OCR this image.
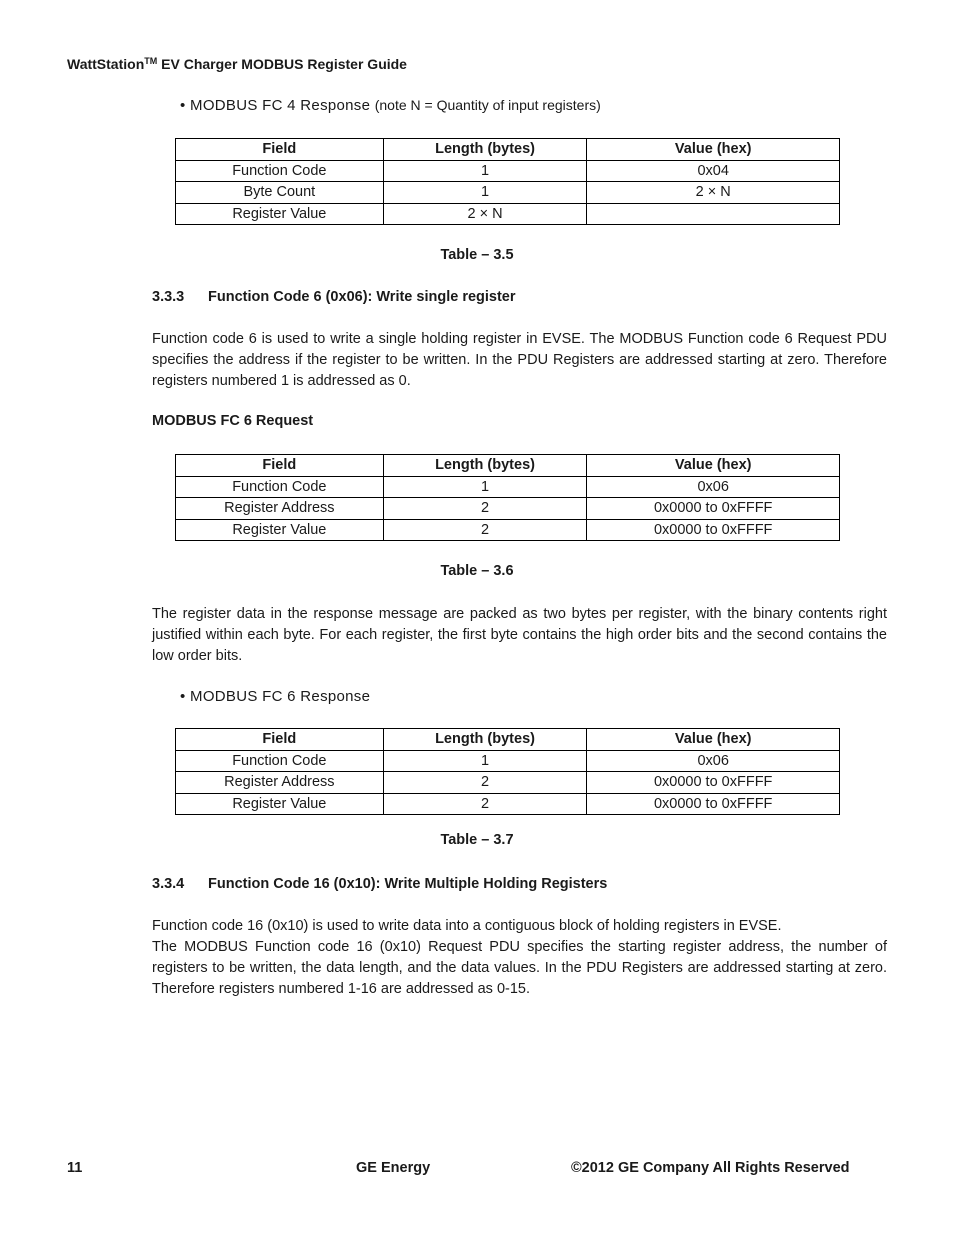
WattStation™ EV Charger MODBUS Register Guide
• MODBUS FC 4 Response (note N = Quantity of input registers)
Field	Length (bytes)	Value (hex)
Function Code	1	0x04
Byte Count	1	2 × N
Register Value	2 × N	
Table – 3.5
3.3.3 Function Code 6 (0x06): Write single register

Function code 6 is used to write a single holding register in EVSE. The MODBUS Function code 6 Request PDU specifies the address if the register to be written. In the PDU Registers are addressed starting at zero. Therefore registers numbered 1 is addressed as 0.

MODBUS FC 6 Request
Field	Length (bytes)	Value (hex)
Function Code	1	0x06
Register Address	2	0x0000 to 0xFFFF
Register Value	2	0x0000 to 0xFFFF
Table – 3.6

The register data in the response message are packed as two bytes per register, with the binary contents right justified within each byte. For each register, the first byte contains the high order bits and the second contains the low order bits.

• MODBUS FC 6 Response
Field	Length (bytes)	Value (hex)
Function Code	1	0x06
Register Address	2	0x0000 to 0xFFFF
Register Value	2	0x0000 to 0xFFFF
Table – 3.7
3.3.4 Function Code 16 (0x10): Write Multiple Holding Registers

Function code 16 (0x10) is used to write data into a contiguous block of holding registers in EVSE.

The MODBUS Function code 16 (0x10) Request PDU specifies the starting register address, the number of registers to be written, the data length, and the data values. In the PDU Registers are addressed starting at zero. Therefore registers numbered 1-16 are addressed as 0-15.

11	GE Energy	©2012 GE Company All Rights Reserved
